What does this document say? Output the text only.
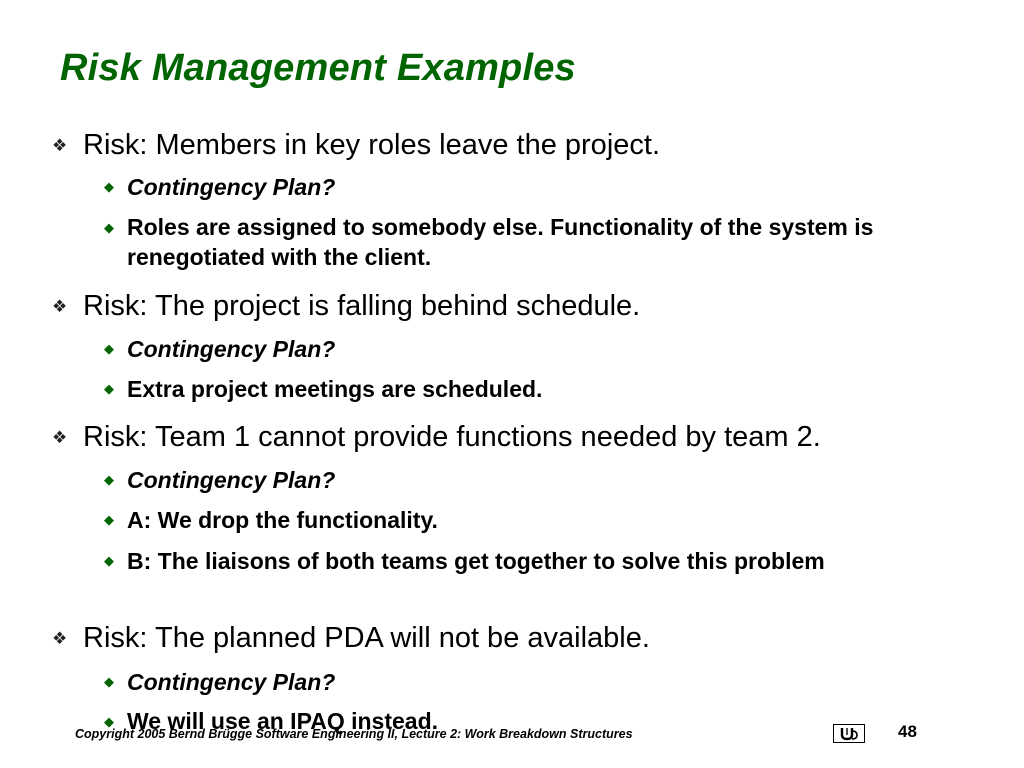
Risk Management Examples
❖ Risk: Members in key roles leave the project.
◆ Contingency Plan?
◆ Roles are assigned to somebody else. Functionality of the system is renegotiated with the client.
❖ Risk: The project is falling behind schedule.
◆ Contingency Plan?
◆ Extra project meetings are scheduled.
❖ Risk: Team 1 cannot provide functions needed by team 2.
◆ Contingency Plan?
◆ A: We drop the functionality.
◆ B: The liaisons of both teams get together to solve this problem
❖ Risk: The planned PDA will not be available.
◆ Contingency Plan?
◆ We will use an IPAQ instead.
Copyright 2005 Bernd Brügge Software Engineering II, Lecture 2: Work Breakdown Structures	48
